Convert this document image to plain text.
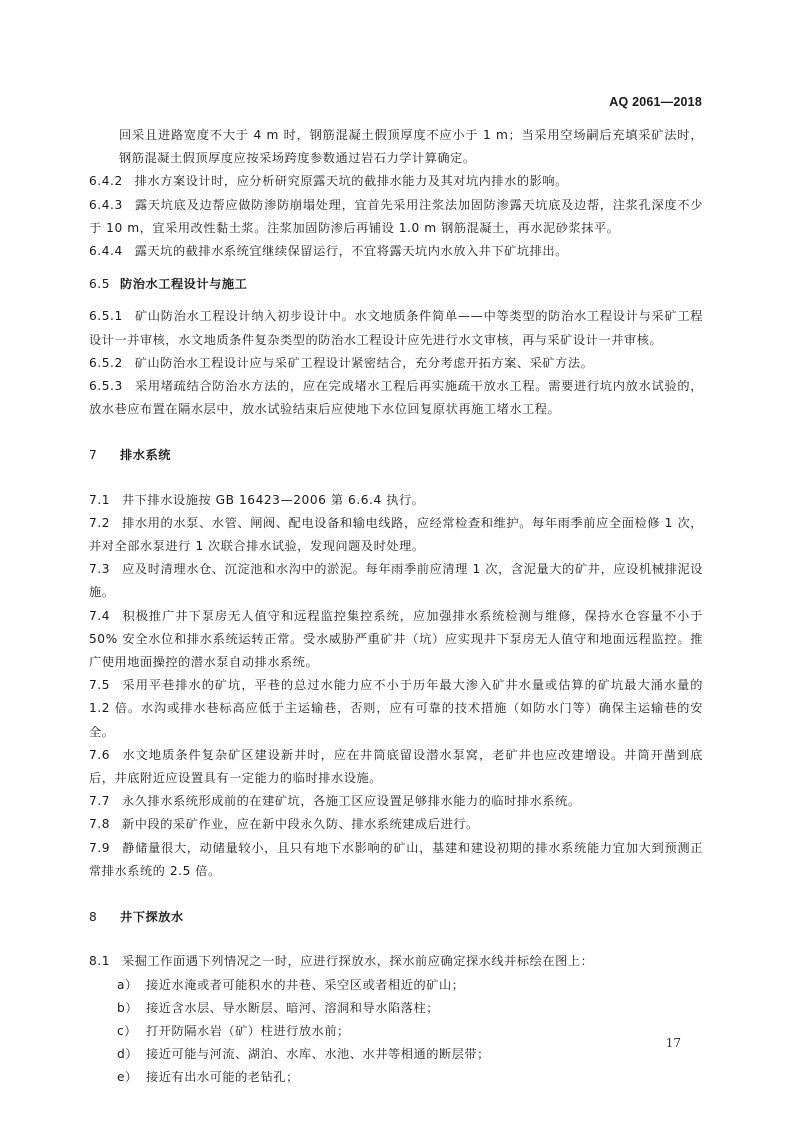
AQ 2061—2018

回采且进路宽度不大于 4 m 时，钢筋混凝土假顶厚度不应小于 1 m；当采用空场嗣后充填采矿法时，钢筋混凝土假顶厚度应按采场跨度参数通过岩石力学计算确定。

6.4.2 排水方案设计时，应分析研究原露天坑的截排水能力及其对坑内排水的影响。

6.4.3 露天坑底及边帮应做防渗防崩塌处理，宜首先采用注浆法加固防渗露天坑底及边帮，注浆孔深度不少于 10 m，宜采用改性黏土浆。注浆加固防渗后再铺设 1.0 m 钢筋混凝土，再水泥砂浆抹平。

6.4.4 露天坑的截排水系统宜继续保留运行，不宜将露天坑内水放入井下矿坑排出。

6.5 防治水工程设计与施工

6.5.1 矿山防治水工程设计纳入初步设计中。水文地质条件简单——中等类型的防治水工程设计与采矿工程设计一并审核，水文地质条件复杂类型的防治水工程设计应先进行水文审核，再与采矿设计一并审核。

6.5.2 矿山防治水工程设计应与采矿工程设计紧密结合，充分考虑开拓方案、采矿方法。

6.5.3 采用堵疏结合防治水方法的，应在完成堵水工程后再实施疏干放水工程。需要进行坑内放水试验的，放水巷应布置在隔水层中，放水试验结束后应使地下水位回复原状再施工堵水工程。

7 排水系统

7.1 井下排水设施按 GB 16423—2006 第 6.6.4 执行。

7.2 排水用的水泵、水管、闸阀、配电设备和输电线路，应经常检查和维护。每年雨季前应全面检修 1 次，并对全部水泵进行 1 次联合排水试验，发现问题及时处理。

7.3 应及时清理水仓、沉淀池和水沟中的淤泥。每年雨季前应清理 1 次，含泥量大的矿井，应设机械排泥设施。

7.4 积极推广井下泵房无人值守和远程监控集控系统，应加强排水系统检测与维修，保持水仓容量不小于 50% 安全水位和排水系统运转正常。受水威胁严重矿井（坑）应实现井下泵房无人值守和地面远程监控。推广使用地面操控的潜水泵自动排水系统。

7.5 采用平巷排水的矿坑，平巷的总过水能力应不小于历年最大渗入矿井水量或估算的矿坑最大涌水量的 1.2 倍。水沟或排水巷标高应低于主运输巷，否则，应有可靠的技术措施（如防水门等）确保主运输巷的安全。

7.6 水文地质条件复杂矿区建设新井时，应在井筒底留设潜水泵窝，老矿井也应改建增设。井筒开凿到底后，井底附近应设置具有一定能力的临时排水设施。

7.7 永久排水系统形成前的在建矿坑，各施工区应设置足够排水能力的临时排水系统。

7.8 新中段的采矿作业，应在新中段永久防、排水系统建成后进行。

7.9 静储量很大，动储量较小，且只有地下水影响的矿山，基建和建设初期的排水系统能力宜加大到预测正常排水系统的 2.5 倍。

8 井下探放水

8.1 采掘工作面遇下列情况之一时，应进行探放水，探水前应确定探水线并标绘在图上：

a） 接近水淹或者可能积水的井巷、采空区或者相近的矿山；

b） 接近含水层、导水断层、暗河、溶洞和导水陷落柱；

c） 打开防隔水岩（矿）柱进行放水前；

d） 接近可能与河流、湖泊、水库、水池、水井等相通的断层带；

e） 接近有出水可能的老钻孔；

17
